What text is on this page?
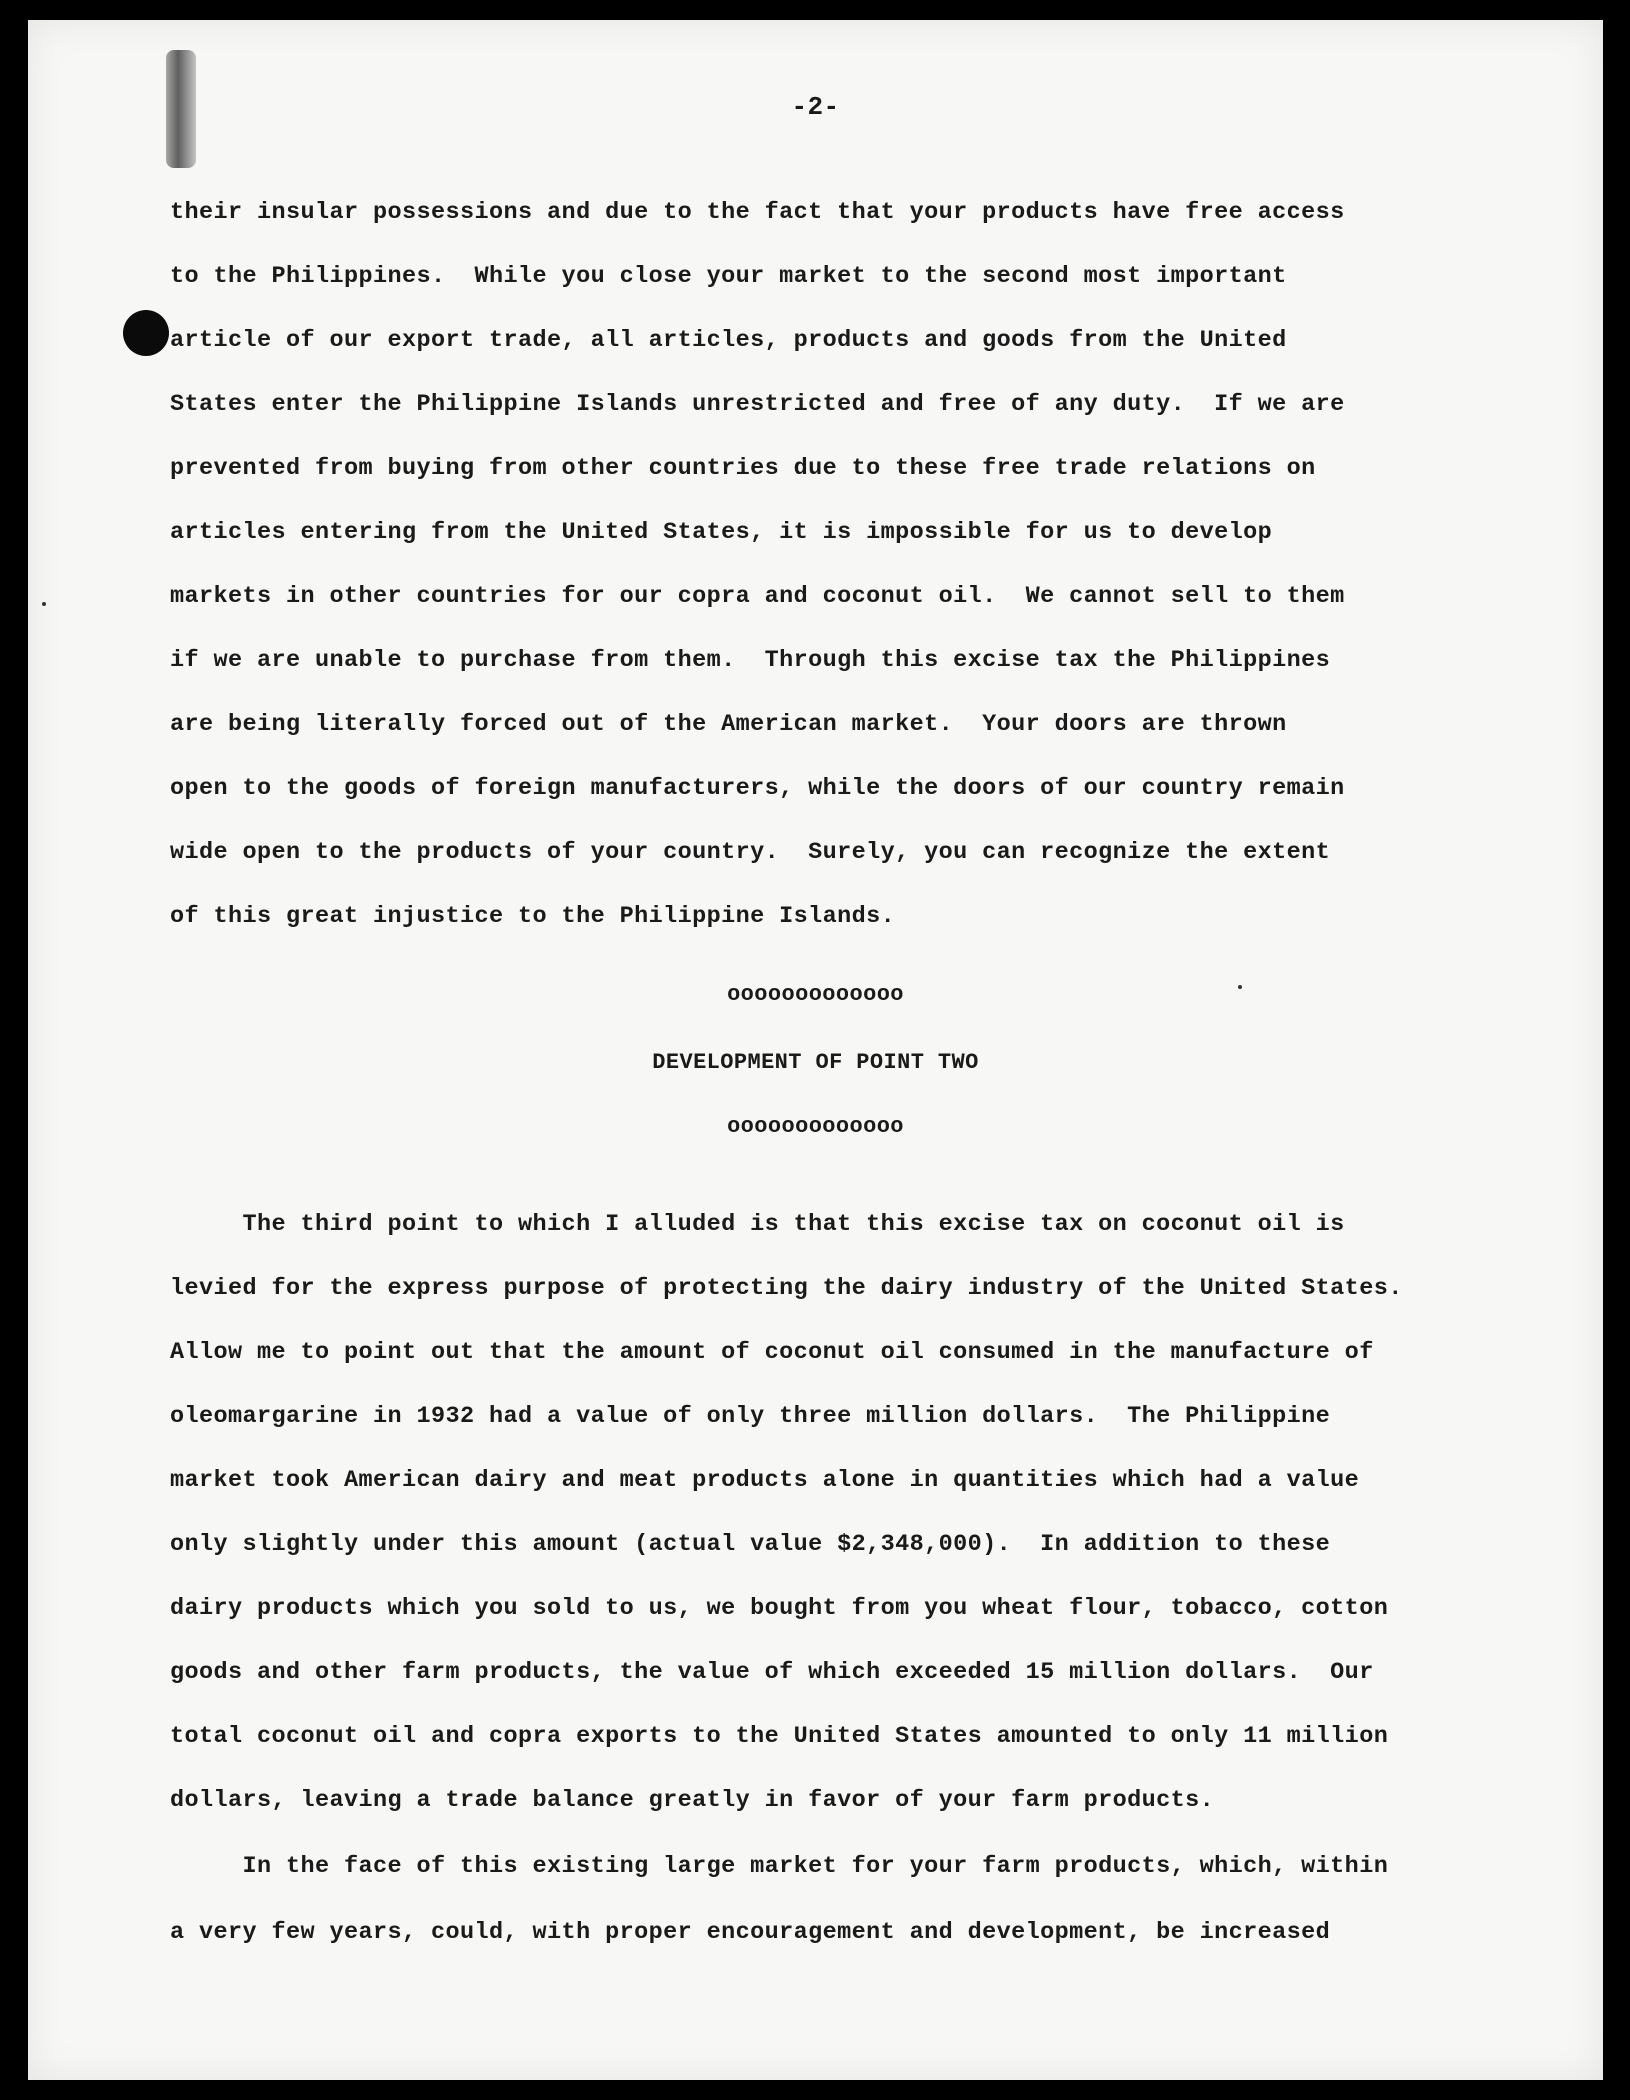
-2-
their insular possessions and due to the fact that your products have free access
to the Philippines.  While you close your market to the second most important
article of our export trade, all articles, products and goods from the United
States enter the Philippine Islands unrestricted and free of any duty.  If we are
prevented from buying from other countries due to these free trade relations on
articles entering from the United States, it is impossible for us to develop
markets in other countries for our copra and coconut oil.  We cannot sell to them
if we are unable to purchase from them.  Through this excise tax the Philippines
are being literally forced out of the American market.  Your doors are thrown
open to the goods of foreign manufacturers, while the doors of our country remain
wide open to the products of your country.  Surely, you can recognize the extent
of this great injustice to the Philippine Islands.
ooooooooooooo
DEVELOPMENT OF POINT TWO
ooooooooooooo
The third point to which I alluded is that this excise tax on coconut oil is
levied for the express purpose of protecting the dairy industry of the United States.
Allow me to point out that the amount of coconut oil consumed in the manufacture of
oleomargarine in 1932 had a value of only three million dollars.  The Philippine
market took American dairy and meat products alone in quantities which had a value
only slightly under this amount (actual value $2,348,000).  In addition to these
dairy products which you sold to us, we bought from you wheat flour, tobacco, cotton
goods and other farm products, the value of which exceeded 15 million dollars.  Our
total coconut oil and copra exports to the United States amounted to only 11 million
dollars, leaving a trade balance greatly in favor of your farm products.
In the face of this existing large market for your farm products, which, within
a very few years, could, with proper encouragement and development, be increased
